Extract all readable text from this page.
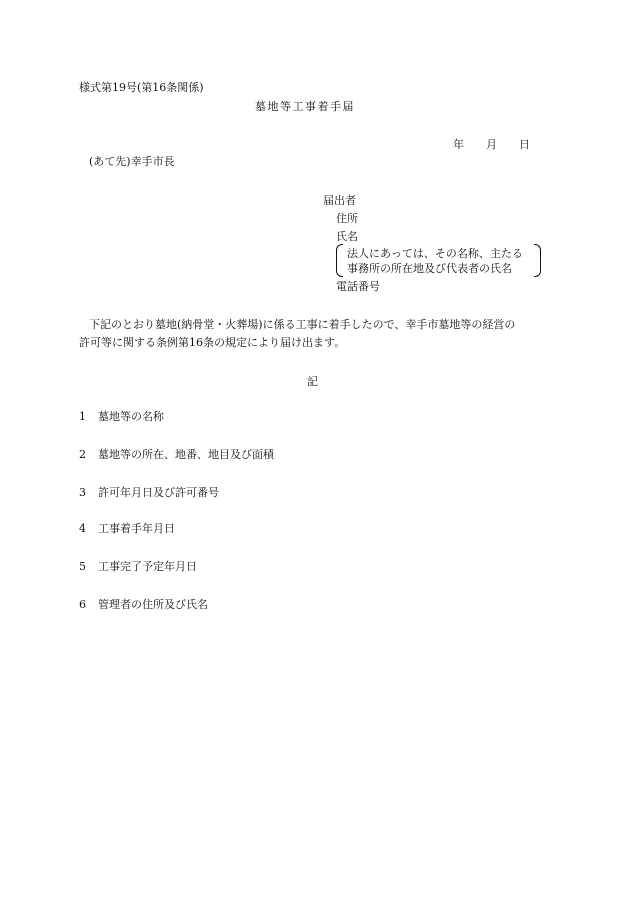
様式第19号(第16条関係)
墓地等工事着手届
年 月 日
(あて先)幸手市長
届出者
住所
氏名
法人にあっては、その名称、主たる
事務所の所在地及び代表者の氏名
電話番号
下記のとおり墓地(納骨堂・火葬場)に係る工事に着手したので、幸手市墓地等の経営の
許可等に関する条例第16条の規定により届け出ます。
記
1 墓地等の名称
2 墓地等の所在、地番、地目及び面積
3 許可年月日及び許可番号
4 工事着手年月日
5 工事完了予定年月日
6 管理者の住所及び氏名
